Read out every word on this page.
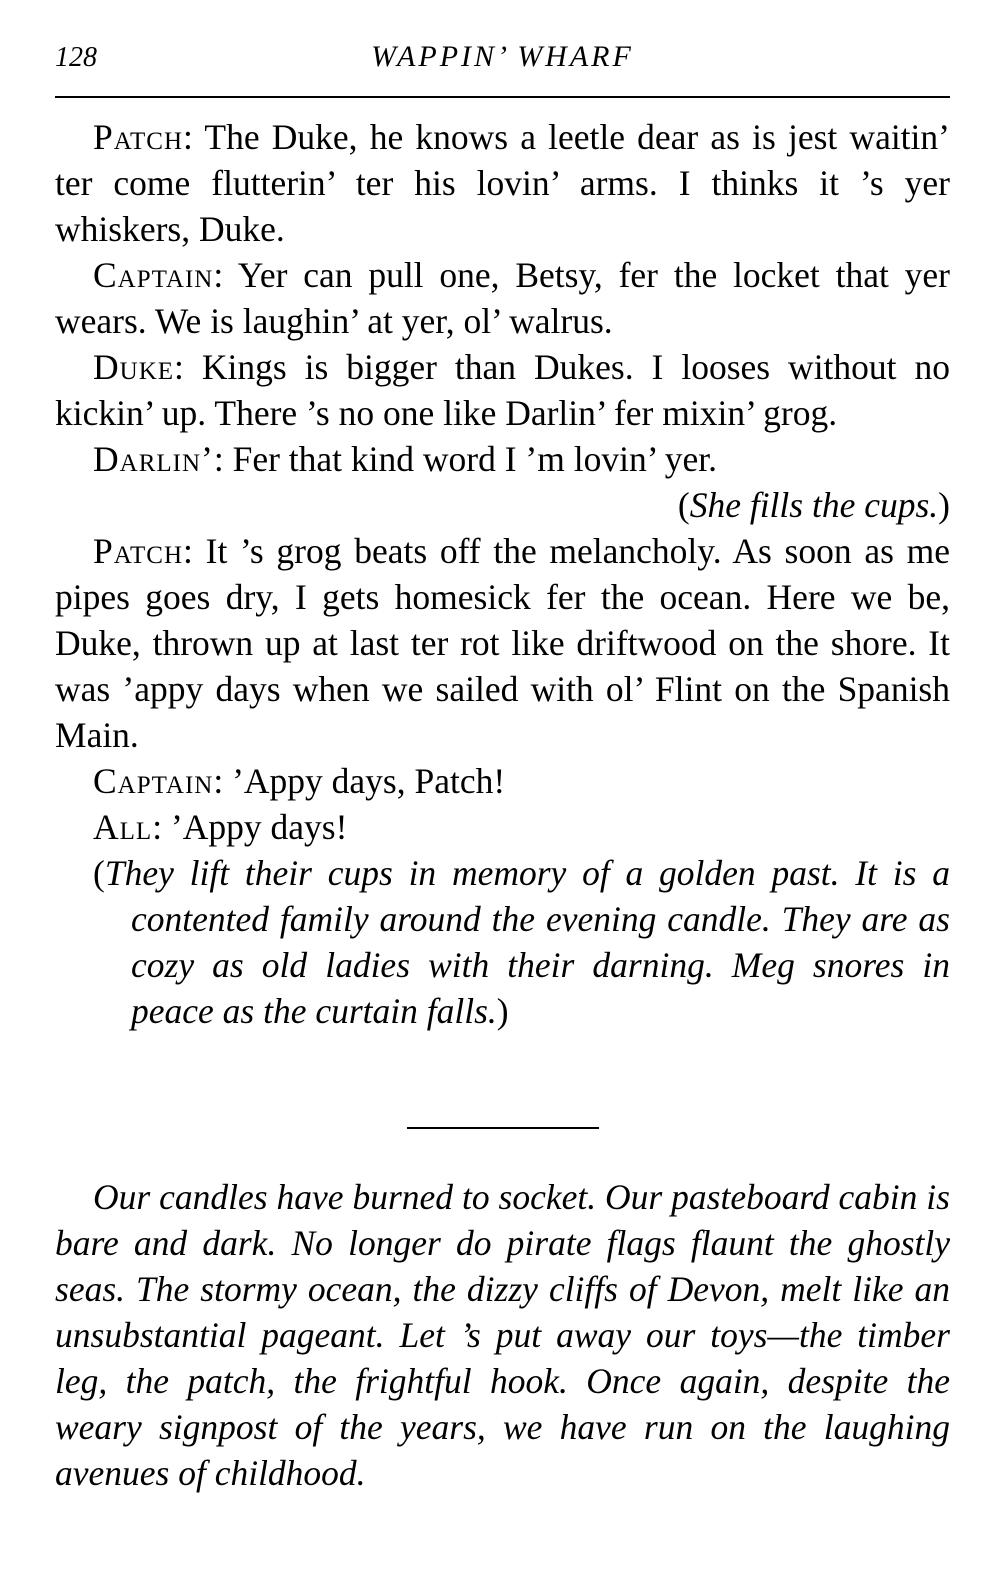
128	WAPPIN’ WHARF

Patch: The Duke, he knows a leetle dear as is jest waitin’ ter come flutterin’ ter his lovin’ arms. I thinks it ’s yer whiskers, Duke.

Captain: Yer can pull one, Betsy, fer the locket that yer wears. We is laughin’ at yer, ol’ walrus.

Duke: Kings is bigger than Dukes. I looses without no kickin’ up. There ’s no one like Darlin’ fer mixin’ grog.

Darlin’: Fer that kind word I ’m lovin’ yer.

(She fills the cups.)

Patch: It ’s grog beats off the melancholy. As soon as me pipes goes dry, I gets homesick fer the ocean. Here we be, Duke, thrown up at last ter rot like driftwood on the shore. It was ’appy days when we sailed with ol’ Flint on the Spanish Main.

Captain: ’Appy days, Patch!

All: ’Appy days!

(They lift their cups in memory of a golden past. It is a contented family around the evening candle. They are as cozy as old ladies with their darning. Meg snores in peace as the curtain falls.)

Our candles have burned to socket. Our pasteboard cabin is bare and dark. No longer do pirate flags flaunt the ghostly seas. The stormy ocean, the dizzy cliffs of Devon, melt like an unsubstantial pageant. Let ’s put away our toys—the timber leg, the patch, the frightful hook. Once again, despite the weary signpost of the years, we have run on the laughing avenues of childhood.
